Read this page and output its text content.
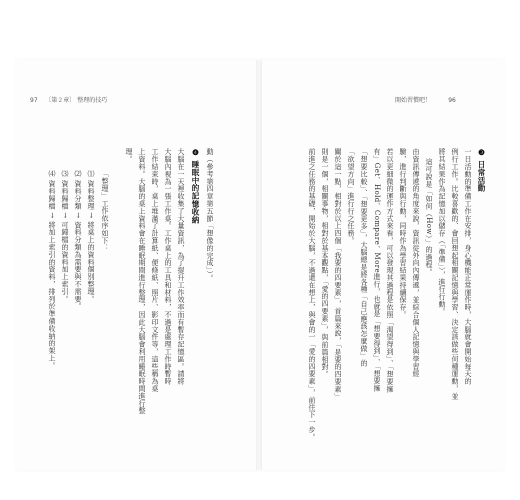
97 〔第２章〕 整理的技巧	開始習慣吧！	96
動（參考第四章第五節「想像的完成」）。
❹ 睡眠中的記憶收納
大腦在一天裡收集了大量資訊，為了提升工作效率而有暫存記憶區。請將
大腦內視為一張工作桌。工作桌上的工具和材料，不過是處理工作時暫時
工作結束時，桌上堆滿了計算紙、便條紙、照片、影印文件等，這些稱為桌
上資料。大腦的桌上資料會在睡眠期間進行整理，因此大腦會利用睡眠時間進行整
理。
「整理」工作依序如下：
⑴ 資料整理 → 將桌上的資料個別整理。
⑵ 資料分類 → 資料分類為需要與不需要。
⑶ 資料歸檔 → 可歸檔的資料加上索引。
⑷ 資料歸檔 → 將加上索引的資料，排列於準備收納的架上。	❸ 日常活動
一日活動的準備工作在安排，身心機能正常運作時，大腦就會開始每天的
例行工作。比較喜歡的、會回想起相關記憶與學習、決定該做些何種運動，並
將其結果作為記憶加以儲存（「準備」），進行行動。
這可說是「如何（How）」的過程。
由資訊傳遞的角度來說，資訊從外向內傳遞，並綜合個人記憶與學習經
驗，進行判斷與行動，同時作為學習結果持續保存。
若以更細微的運作方式來看，可以發現其過程是依照「渴望得到」、「想要擁
有」Get、Hold、Compare、More進行，也就是「想要得到」、「想要擁
「想要比較」、「想要更多」，大腦總是將各種「自己應該怎麼做」的
「欲望方向」進行行之任務。
關於這一點，相對於以上四個「我要的四要素」，首篇來說，「是要的四要素」
則是一個，相關事物，相對於基本觀點，「愛的四要素」，與前篇相對。
前進之任務的基礎，開始於大腦，不過還在想上，與會的一「愛的四要素」，前往下一步。
